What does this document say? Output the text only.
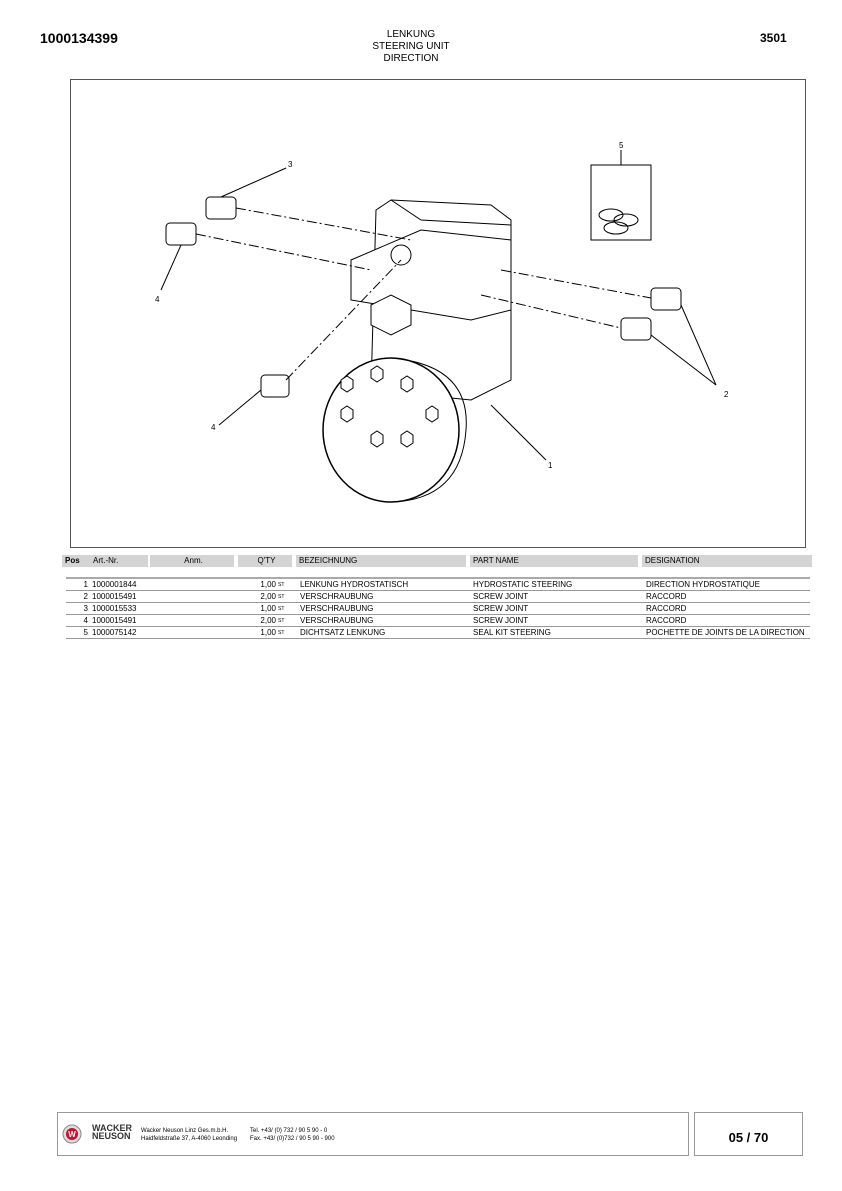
1000134399	LENKUNG
STEERING UNIT
DIRECTION
3501
1
2
3
4
4
5
Pos	Art.-Nr.	Anm.	Q'TY	BEZEICHNUNG	PART NAME	DESIGNATION
1 1000001844	1,00 ST LENKUNG HYDROSTATISCH	HYDROSTATIC STEERING	DIRECTION HYDROSTATIQUE
2 1000015491	2,00 ST VERSCHRAUBUNG	SCREW JOINT	RACCORD
3 1000015533	1,00 ST VERSCHRAUBUNG	SCREW JOINT	RACCORD
4 1000015491	2,00 ST VERSCHRAUBUNG	SCREW JOINT	RACCORD
5 1000075142	1,00 ST DICHTSATZ LENKUNG	SEAL KIT STEERING	POCHETTE DE JOINTS DE LA DIRECTION
W
WACKER
NEUSON Wacker Neuson Linz Ges.m.b.H.
Haidfeldstraße 37, A-4060 Leonding
Tel. +43/ (0) 732 / 90 5 90 - 0
Fax. +43/ (0)732 / 90 5 90 - 900	05 / 70
